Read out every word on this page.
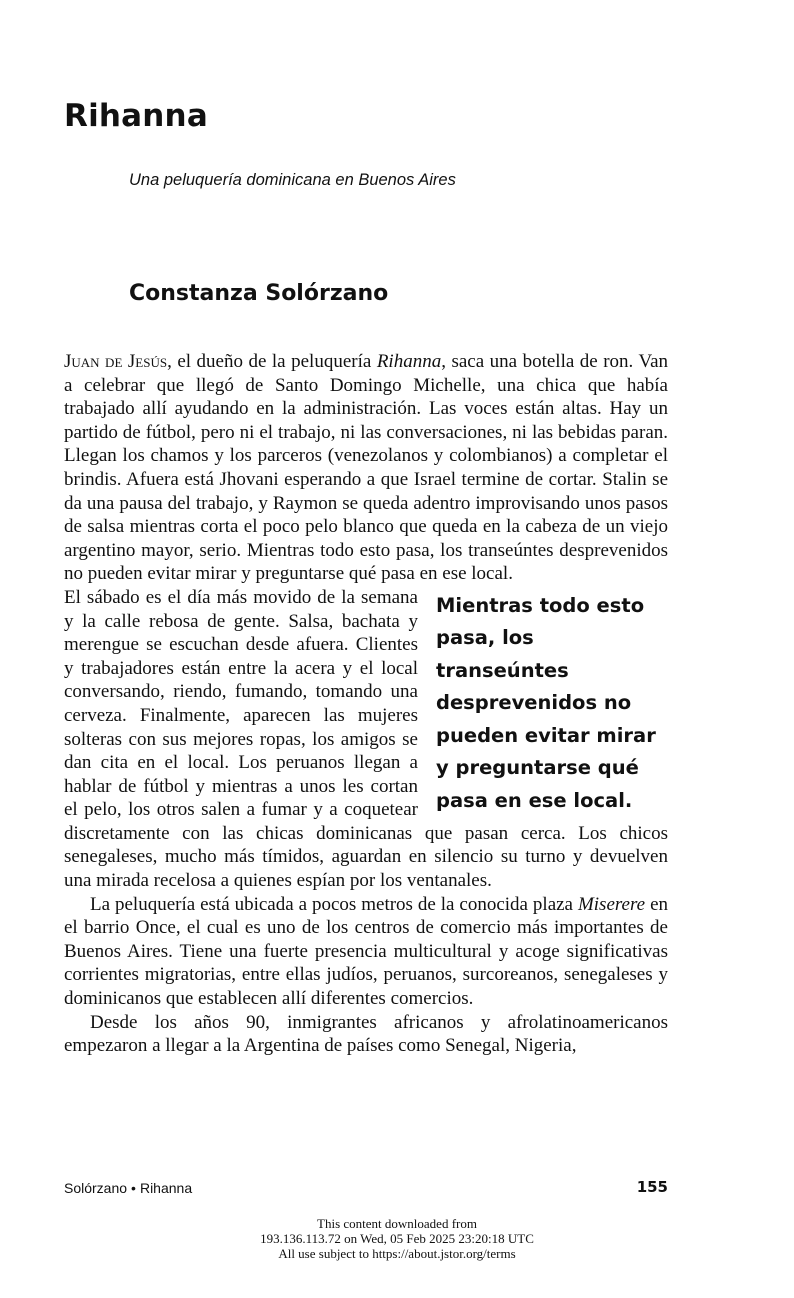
Rihanna

Una peluquería dominicana en Buenos Aires

Constanza Solórzano

Juan de Jesús, el dueño de la peluquería Rihanna, saca una botella de ron. Van a celebrar que llegó de Santo Domingo Michelle, una chica que había trabajado allí ayudando en la administración. Las voces están altas. Hay un partido de fútbol, pero ni el trabajo, ni las conversaciones, ni las bebidas paran. Llegan los chamos y los parceros (venezolanos y colombianos) a completar el brindis. Afuera está Jhovani esperando a que Israel termine de cortar. Stalin se da una pausa del trabajo, y Raymon se queda adentro improvisando unos pasos de salsa mientras corta el poco pelo blanco que queda en la cabeza de un viejo argentino mayor, serio. Mientras todo esto pasa, los transeúntes desprevenidos no pueden evitar mirar y preguntarse qué pasa en ese local.

Mientras todo esto pasa, los transeúntes desprevenidos no pueden evitar mirar y preguntarse qué pasa en ese local.
El sábado es el día más movido de la semana y la calle rebosa de gente. Salsa, bachata y merengue se escuchan desde afuera. Clientes y trabajadores están entre la acera y el local conversando, riendo, fumando, tomando una cerveza. Finalmente, aparecen las mujeres solteras con sus mejores ropas, los amigos se dan cita en el local. Los peruanos llegan a hablar de fútbol y mientras a unos les cortan el pelo, los otros salen a fumar y a coquetear discretamente con las chicas dominicanas que pasan cerca. Los chicos senegaleses, mucho más tímidos, aguardan en silencio su turno y devuelven una mirada recelosa a quienes espían por los ventanales.

La peluquería está ubicada a pocos metros de la conocida plaza Miserere en el barrio Once, el cual es uno de los centros de comercio más importantes de Buenos Aires. Tiene una fuerte presencia multicultural y acoge significativas corrientes migratorias, entre ellas judíos, peruanos, surcoreanos, senegaleses y dominicanos que establecen allí diferentes comercios.

Desde los años 90, inmigrantes africanos y afrolatinoamericanos empezaron a llegar a la Argentina de países como Senegal, Nigeria,

Solórzano • Rihanna	155
This content downloaded from
193.136.113.72 on Wed, 05 Feb 2025 23:20:18 UTC
All use subject to https://about.jstor.org/terms
